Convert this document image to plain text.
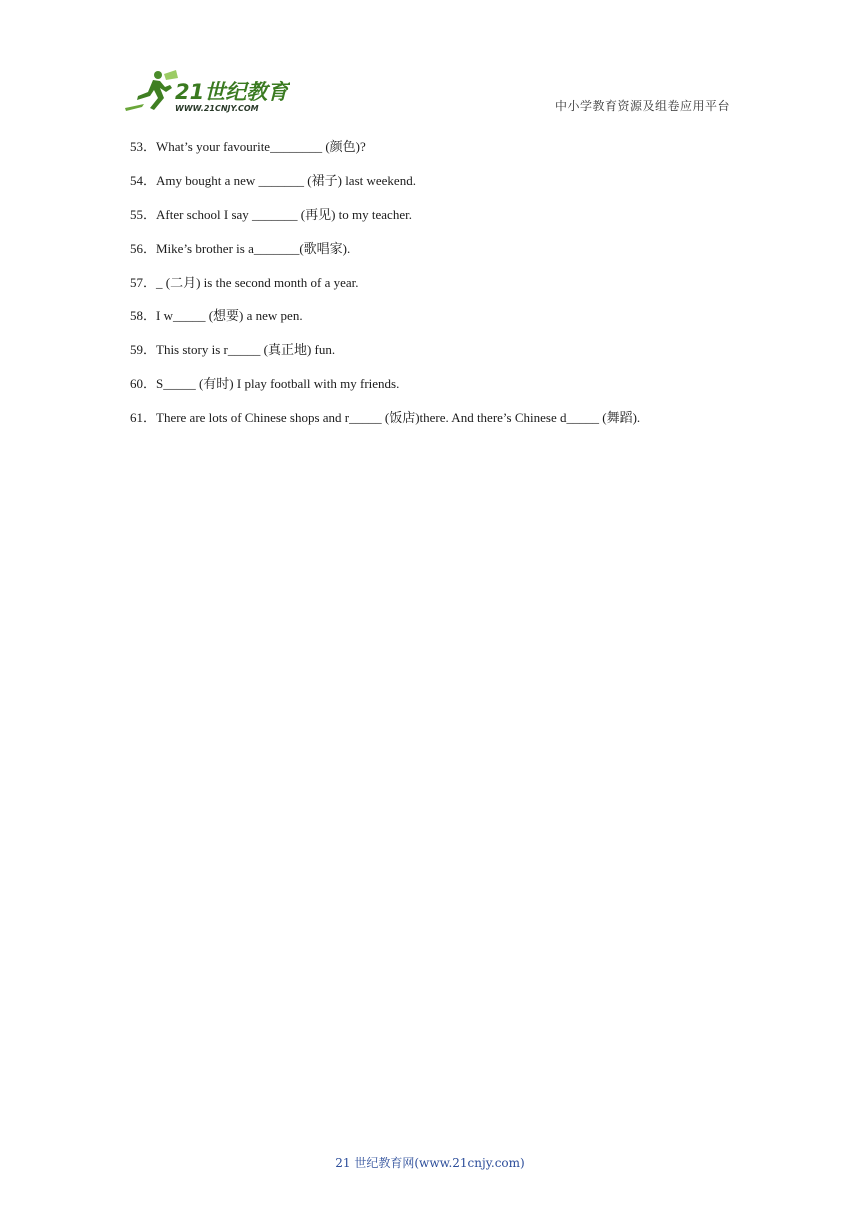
21世纪教育
WWW.21CNJY.COM	中小学教育资源及组卷应用平台
53．What’s your favourite________ (颜色)?
54．Amy bought a new _______ (裙子) last weekend.
55．After school I say _______ (再见) to my teacher.
56．Mike’s brother is a_______(歌唱家).
57．_ (二月) is the second month of a year.
58．I w_____ (想要) a new pen.
59．This story is r_____ (真正地) fun.
60．S_____ (有时) I play football with my friends.
61．There are lots of Chinese shops and r_____ (饭店)there. And there’s Chinese d_____ (舞蹈).
21 世纪教育网(www.21cnjy.com)
